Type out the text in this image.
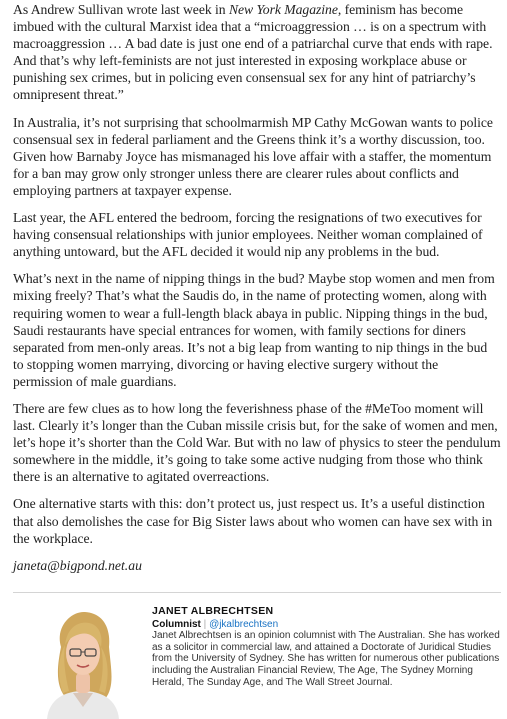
As Andrew Sullivan wrote last week in New York Magazine, feminism has become imbued with the cultural Marxist idea that a “microaggression … is on a spectrum with macroaggression … A bad date is just one end of a patriarchal curve that ends with rape. And that’s why left-feminists are not just interested in exposing workplace abuse or punishing sex crimes, but in policing even consensual sex for any hint of patriarchy’s omnipresent threat.”

In Australia, it’s not surprising that schoolmarmish MP Cathy McGowan wants to police consensual sex in federal parliament and the Greens think it’s a worthy discussion, too. Given how Barnaby Joyce has mismanaged his love affair with a staffer, the momentum for a ban may grow only stronger unless there are clearer rules about conflicts and employing partners at taxpayer expense.

Last year, the AFL entered the bedroom, forcing the resignations of two executives for having consensual relationships with junior employees. Neither woman complained of anything untoward, but the AFL decided it would nip any problems in the bud.

What’s next in the name of nipping things in the bud? Maybe stop women and men from mixing freely? That’s what the Saudis do, in the name of protecting women, along with requiring women to wear a full-length black abaya in public. Nipping things in the bud, Saudi restaurants have special entrances for women, with family sections for diners separated from men-only areas. It’s not a big leap from wanting to nip things in the bud to stopping women marrying, divorcing or having elective surgery without the permission of male guardians.

There are few clues as to how long the feverishness phase of the #MeToo moment will last. Clearly it’s longer than the Cuban missile crisis but, for the sake of women and men, let’s hope it’s shorter than the Cold War. But with no law of physics to steer the pendulum somewhere in the middle, it’s going to take some active nudging from those who think there is an alternative to agitated overreactions.

One alternative starts with this: don’t protect us, just respect us. It’s a useful distinction that also demolishes the case for Big Sister laws about who women can have sex with in the workplace.

janeta@bigpond.net.au

JANET ALBRECHTSEN

Columnist | @jkalbrechtsen

Janet Albrechtsen is an opinion columnist with The Australian. She has worked as a solicitor in commercial law, and attained a Doctorate of Juridical Studies from the University of Sydney. She has written for numerous other publications including the Australian Financial Review, The Age, The Sydney Morning Herald, The Sunday Age, and The Wall Street Journal.
